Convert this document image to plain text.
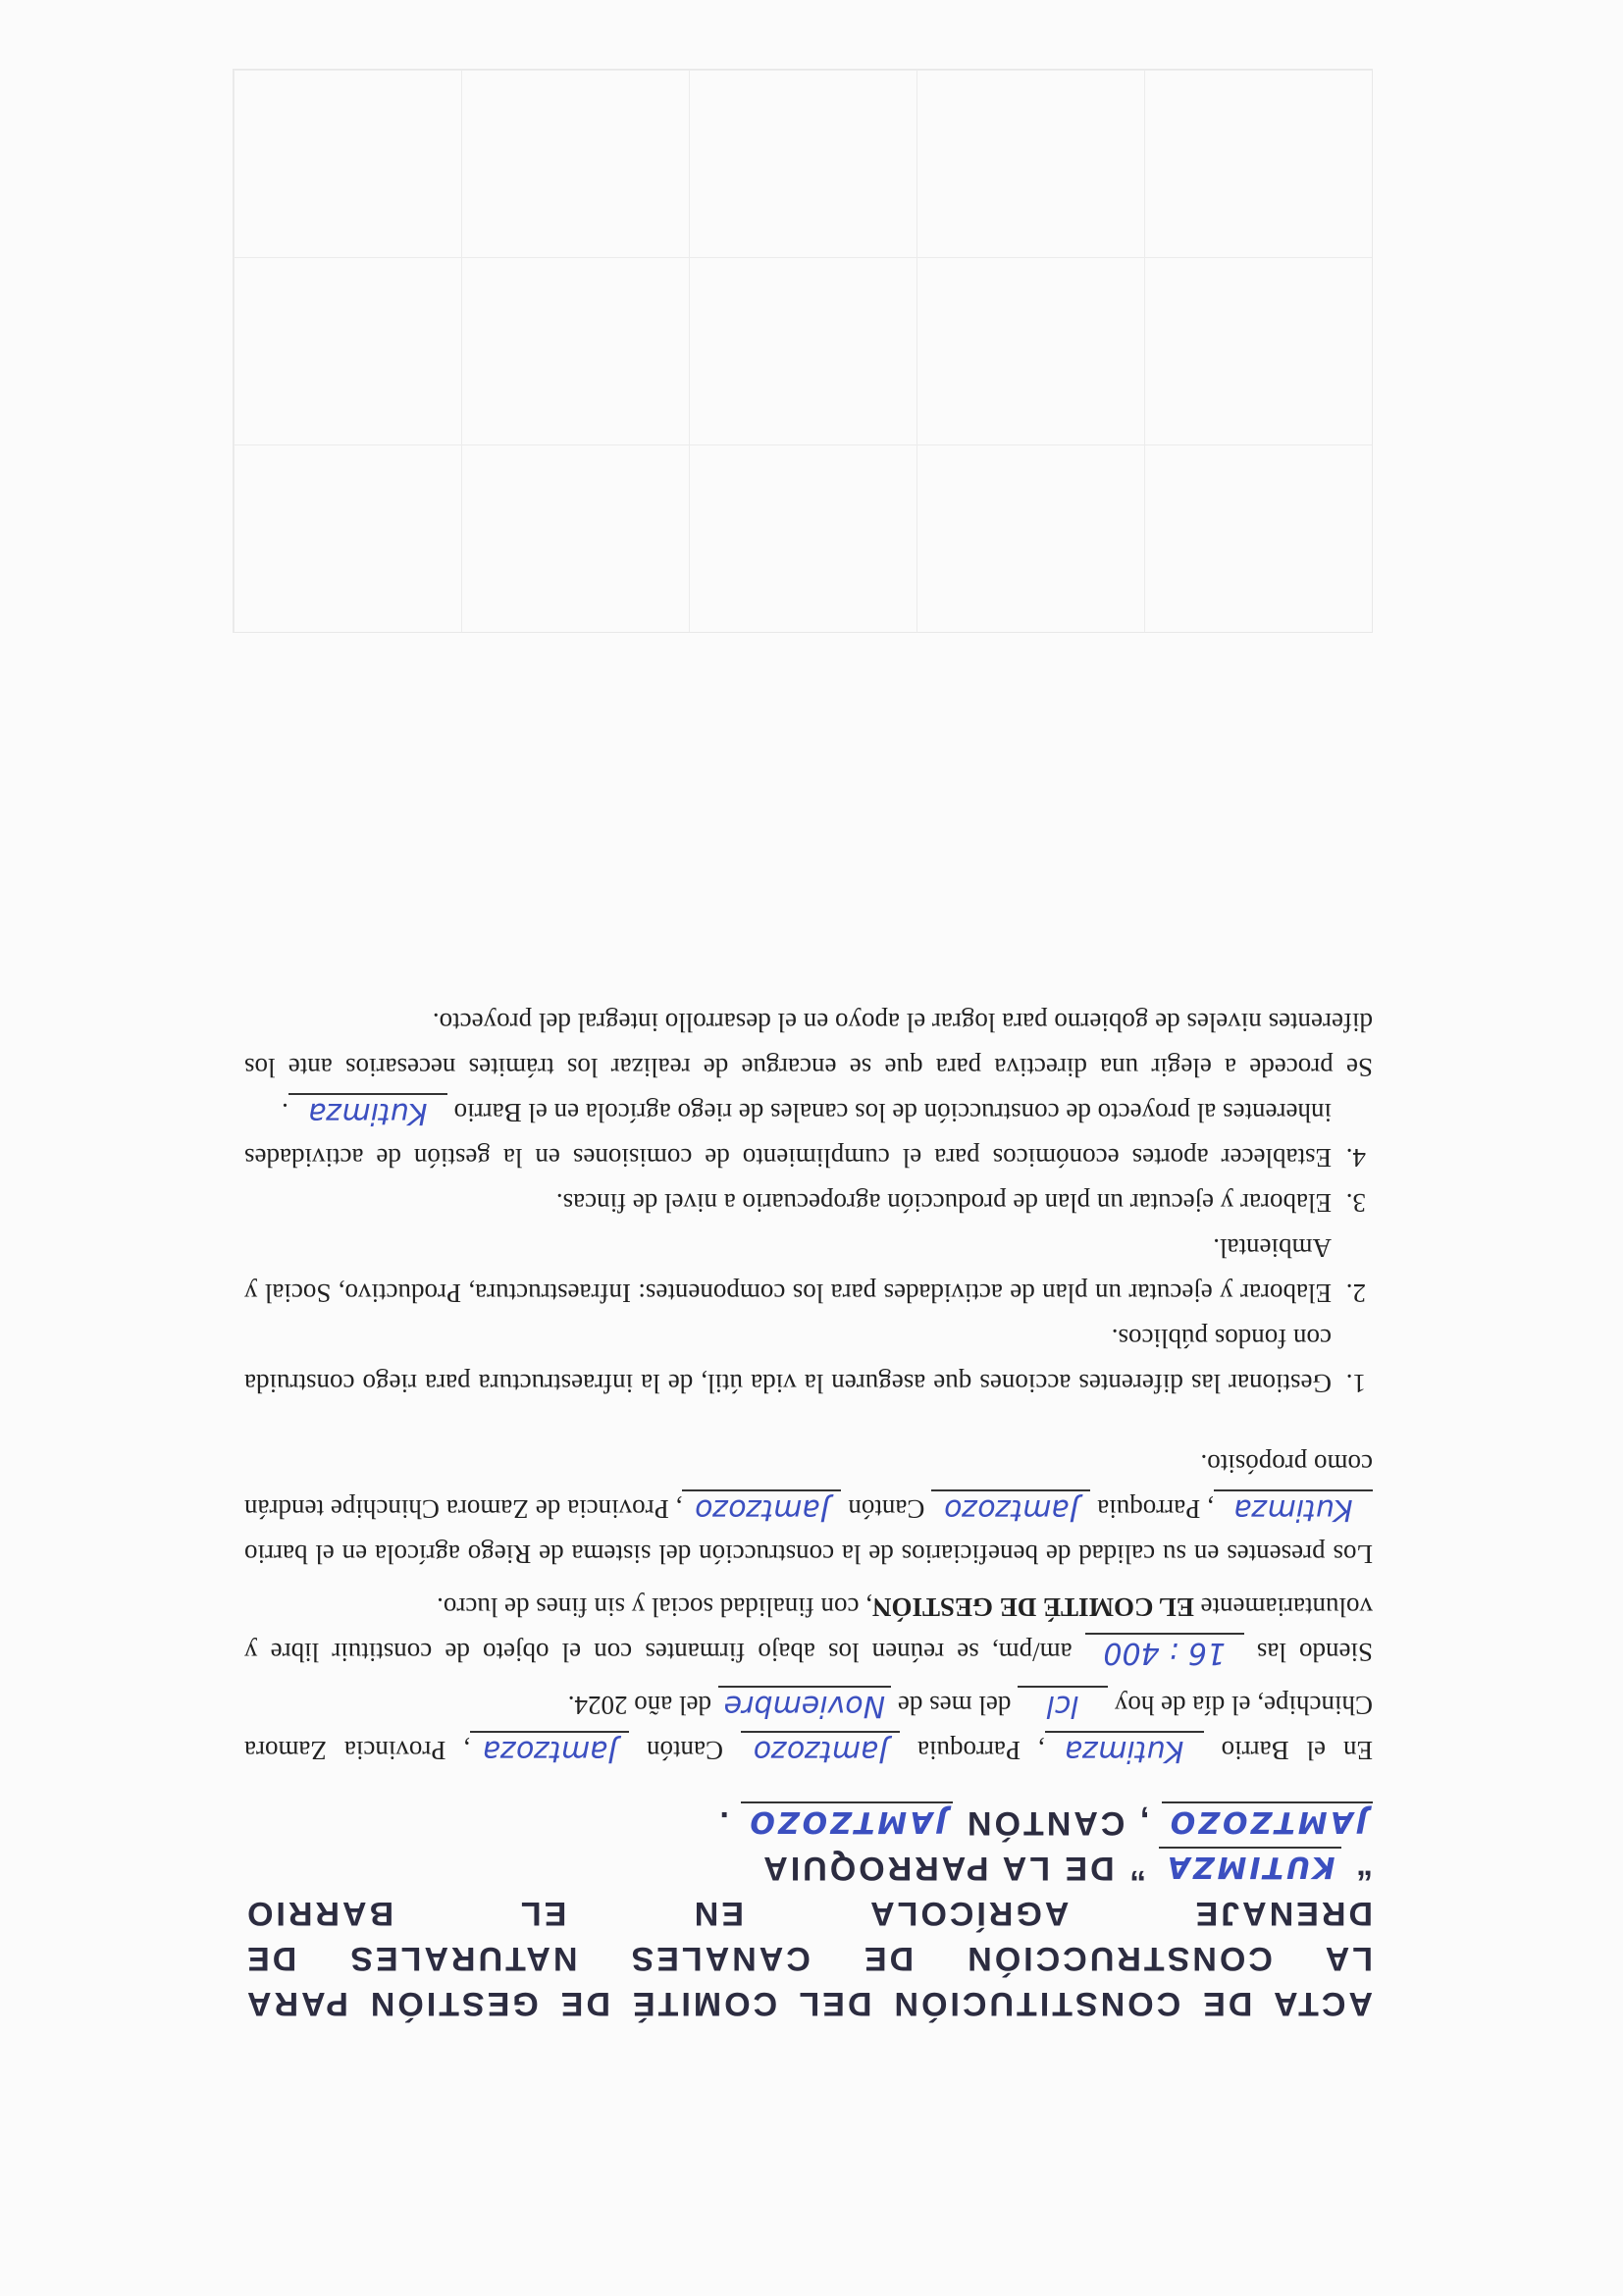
ACTA DE CONSTITUCIÓN DEL COMITÉ DE GESTIÓN PARA
LA CONSTRUCCIÓN DE CANALES NATURALES DE
DRENAJE AGRÍCOLA EN EL BARRIO
“ KUTIMZA ” DE LA PARROQUIA
JAMTZOZO , CANTÓN JAMTZOZO .

En el Barrio Kutimza, Parroquia Jamtzozo Cantón Jamtzoza, Provincia Zamora Chinchipe, el día de hoy lcl del mes de Noviembre del año 2024.

Siendo las 16 : 400 am/pm, se reúnen los abajo firmantes con el objeto de constituir libre y voluntariamente EL COMITÉ DE GESTIÓN, con finalidad social y sin fines de lucro.

Los presentes en su calidad de beneficiarios de la construcción del sistema de Riego agrícola en el barrio Kutimza, Parroquia Jamtzozo Cantón Jamtzozo, Provincia de Zamora Chinchipe tendrán como propósito.

1. Gestionar las diferentes acciones que aseguren la vida útil, de la infraestructura para riego construida con fondos públicos.
2. Elaborar y ejecutar un plan de actividades para los componentes: Infraestructura, Productivo, Social y Ambiental.
3. Elaborar y ejecutar un plan de producción agropecuario a nivel de fincas.
4. Establecer aportes económicos para el cumplimiento de comisiones en la gestión de actividades inherentes al proyecto de construcción de los canales de riego agrícola en el Barrio Kutimza.

Se procede a elegir una directiva para que se encargue de realizar los trámites necesarios ante los diferentes niveles de gobierno para lograr el apoyo en el desarrollo integral del proyecto.
